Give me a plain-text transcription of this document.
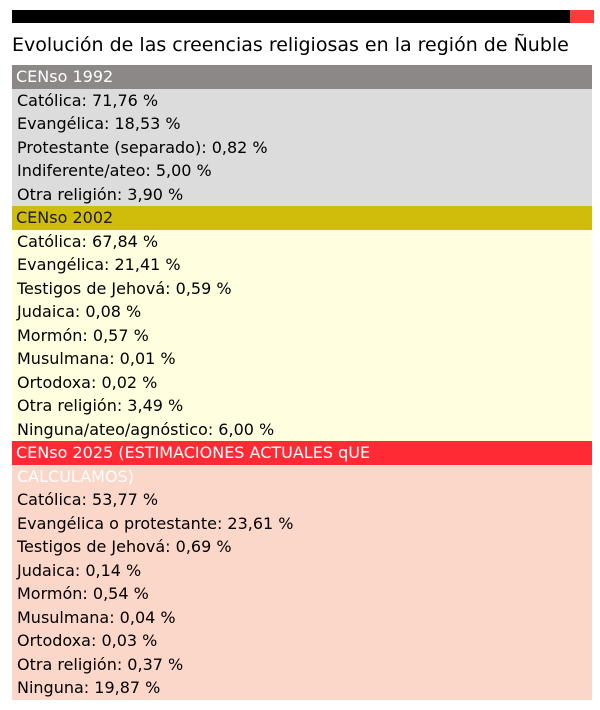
Evolución de las creencias religiosas en la región de Ñuble
CENso 1992
Católica: 71,76 %
Evangélica: 18,53 %
Protestante (separado): 0,82 %
Indiferente/ateo: 5,00 %
Otra religión: 3,90 %
CENso 2002
Católica: 67,84 %
Evangélica: 21,41 %
Testigos de Jehová: 0,59 %
Judaica: 0,08 %
Mormón: 0,57 %
Musulmana: 0,01 %
Ortodoxa: 0,02 %
Otra religión: 3,49 %
Ninguna/ateo/agnóstico: 6,00 %
CENso 2025 (ESTIMACIONES ACTUALES qUE
CALCULAMOS)
Católica: 53,77 %
Evangélica o protestante: 23,61 %
Testigos de Jehová: 0,69 %
Judaica: 0,14 %
Mormón: 0,54 %
Musulmana: 0,04 %
Ortodoxa: 0,03 %
Otra religión: 0,37 %
Ninguna: 19,87 %
